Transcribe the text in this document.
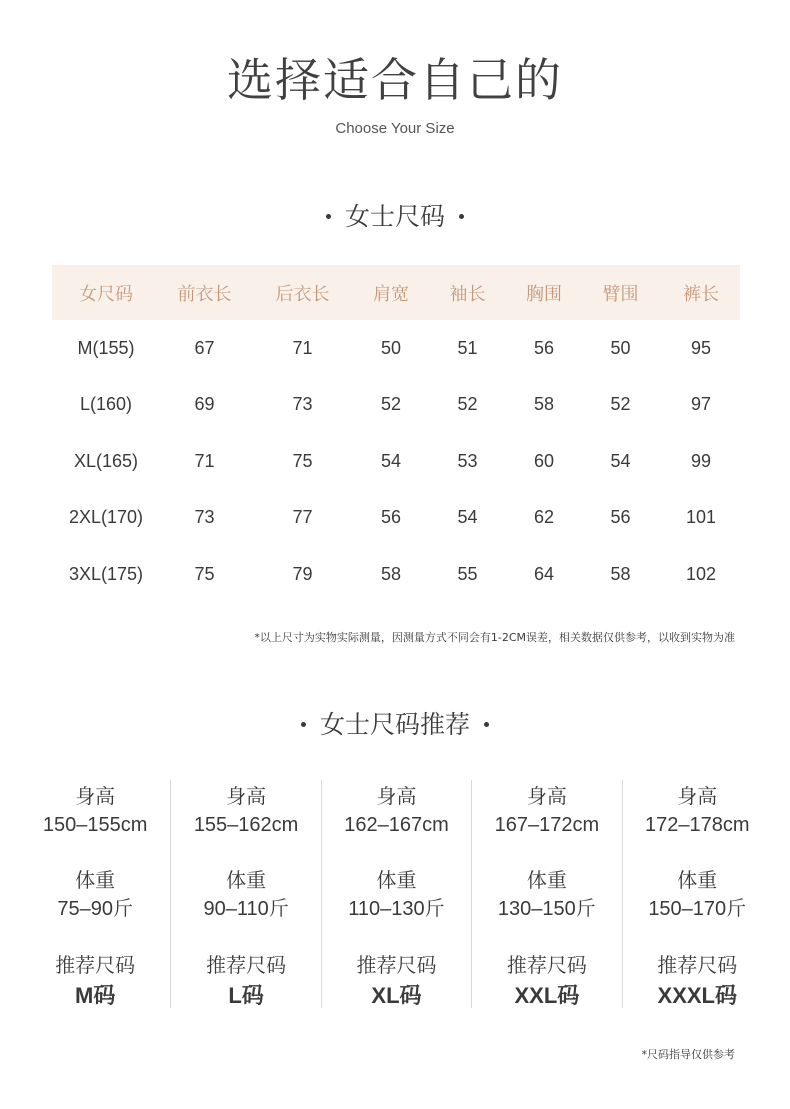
选择适合自己的
Choose Your Size
女士尺码
女尺码	前衣长	后衣长	肩宽	袖长	胸围	臂围	裤长
M(155)	67	71	50	51	56	50	95
L(160)	69	73	52	52	58	52	97
XL(165)	71	75	54	53	60	54	99
2XL(170)	73	77	56	54	62	56	101
3XL(175)	75	79	58	55	64	58	102
*以上尺寸为实物实际测量，因测量方式不同会有1-2CM误差，相关数据仅供参考，以收到实物为准
女士尺码推荐
身高
150–155cm
体重
75–90斤
推荐尺码
M码
身高
155–162cm
体重
90–110斤
推荐尺码
L码
身高
162–167cm
体重
110–130斤
推荐尺码
XL码
身高
167–172cm
体重
130–150斤
推荐尺码
XXL码
身高
172–178cm
体重
150–170斤
推荐尺码
XXXL码
*尺码指导仅供参考
